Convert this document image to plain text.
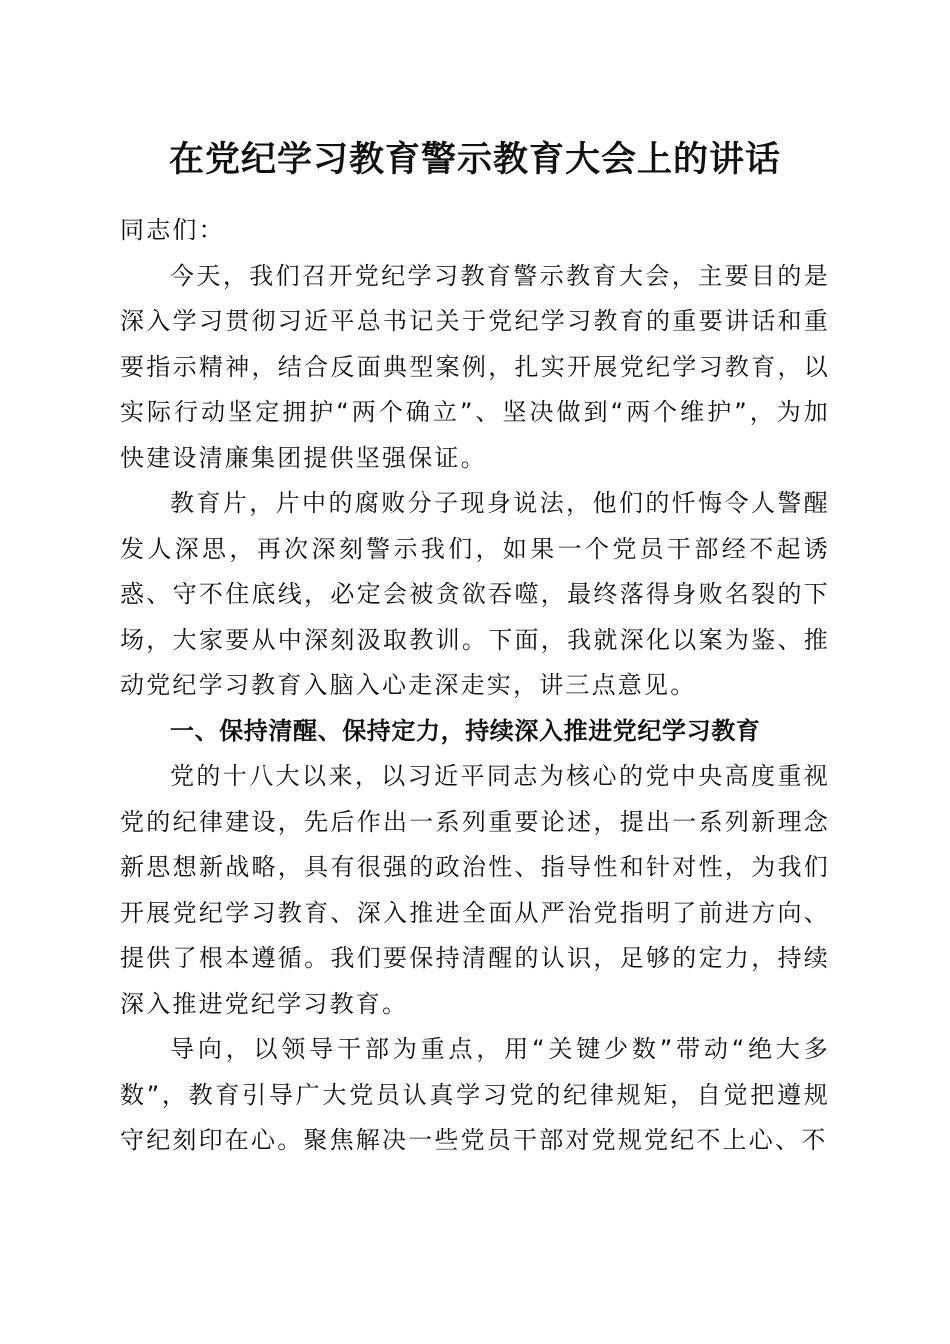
在党纪学习教育警示教育大会上的讲话

同志们：

今天，我们召开党纪学习教育警示教育大会，主要目的是深入学习贯彻习近平总书记关于党纪学习教育的重要讲话和重要指示精神，结合反面典型案例，扎实开展党纪学习教育，以实际行动坚定拥护“两个确立”、坚决做到“两个维护”，为加快建设清廉集团提供坚强保证。

教育片，片中的腐败分子现身说法，他们的忏悔令人警醒发人深思，再次深刻警示我们，如果一个党员干部经不起诱惑、守不住底线，必定会被贪欲吞噬，最终落得身败名裂的下场，大家要从中深刻汲取教训。下面，我就深化以案为鉴、推动党纪学习教育入脑入心走深走实，讲三点意见。

一、保持清醒、保持定力，持续深入推进党纪学习教育

党的十八大以来，以习近平同志为核心的党中央高度重视党的纪律建设，先后作出一系列重要论述，提出一系列新理念新思想新战略，具有很强的政治性、指导性和针对性，为我们开展党纪学习教育、深入推进全面从严治党指明了前进方向、提供了根本遵循。我们要保持清醒的认识，足够的定力，持续深入推进党纪学习教育。

导向，以领导干部为重点，用“关键少数”带动“绝大多数”，教育引导广大党员认真学习党的纪律规矩，自觉把遵规守纪刻印在心。聚焦解决一些党员干部对党规党纪不上心、不
